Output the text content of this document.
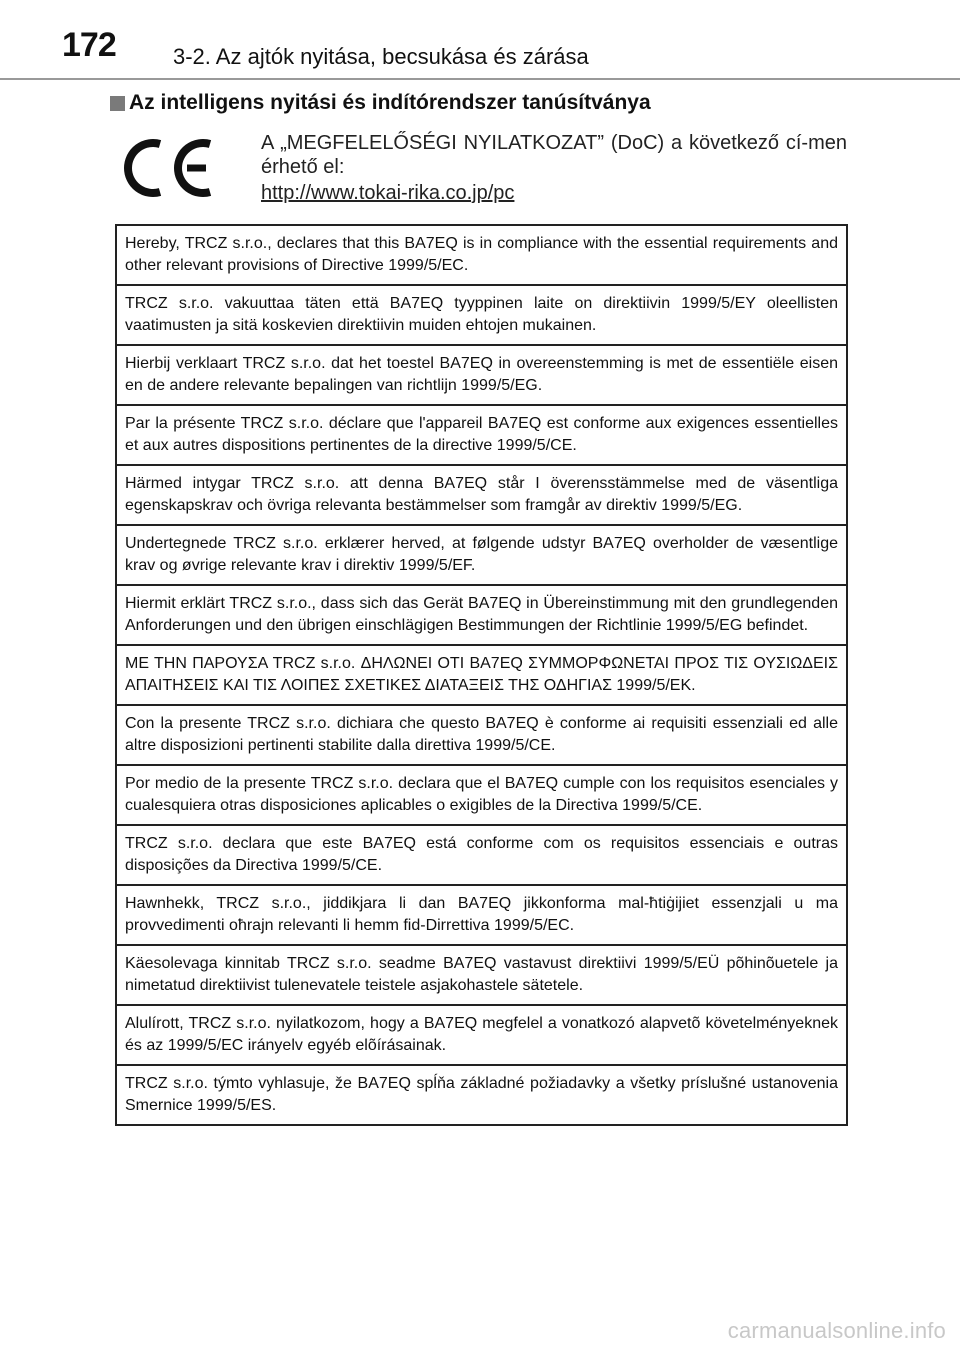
172	3-2. Az ajtók nyitása, becsukása és zárása
Az intelligens nyitási és indítórendszer tanúsítványa
A „MEGFELELŐSÉGI NYILATKOZAT” (DoC) a következő cí-men érhető el:
http://www.tokai-rika.co.jp/pc
Hereby, TRCZ s.r.o., declares that this BA7EQ is in compliance with the essential requirements and other relevant provisions of Directive 1999/5/EC.
TRCZ s.r.o. vakuuttaa täten että BA7EQ tyyppinen laite on direktiivin 1999/5/EY oleellisten vaatimusten ja sitä koskevien direktiivin muiden ehtojen mukainen.
Hierbij verklaart TRCZ s.r.o. dat het toestel BA7EQ in overeenstemming is met de essentiële eisen en de andere relevante bepalingen van richtlijn 1999/5/EG.
Par la présente TRCZ s.r.o. déclare que l'appareil BA7EQ est conforme aux exigences essentielles et aux autres dispositions pertinentes de la directive 1999/5/CE.
Härmed intygar TRCZ s.r.o. att denna BA7EQ står I överensstämmelse med de väsentliga egenskapskrav och övriga relevanta bestämmelser som framgår av direktiv 1999/5/EG.
Undertegnede TRCZ s.r.o. erklærer herved, at følgende udstyr BA7EQ overholder de væsentlige krav og øvrige relevante krav i direktiv 1999/5/EF.
Hiermit erklärt TRCZ s.r.o., dass sich das Gerät BA7EQ in Übereinstimmung mit den grundlegenden Anforderungen und den übrigen einschlägigen Bestimmungen der Richtlinie 1999/5/EG befindet.
ΜΕ ΤΗΝ ΠΑΡΟΥΣΑ TRCZ s.r.o. ΔΗΛΩΝΕΙ ΟΤΙ BA7EQ ΣΥΜΜΟΡΦΩΝΕΤΑΙ ΠΡΟΣ ΤΙΣ ΟΥΣΙΩΔΕΙΣ ΑΠΑΙΤΗΣΕΙΣ ΚΑΙ ΤΙΣ ΛΟΙΠΕΣ ΣΧΕΤΙΚΕΣ ΔΙΑΤΑΞΕΙΣ ΤΗΣ ΟΔΗΓΙΑΣ 1999/5/ΕΚ.
Con la presente TRCZ s.r.o. dichiara che questo BA7EQ è conforme ai requisiti essenziali ed alle altre disposizioni pertinenti stabilite dalla direttiva 1999/5/CE.
Por medio de la presente TRCZ s.r.o. declara que el BA7EQ cumple con los requisitos esenciales y cualesquiera otras disposiciones aplicables o exigibles de la Directiva 1999/5/CE.
TRCZ s.r.o. declara que este BA7EQ está conforme com os requisitos essenciais e outras disposições da Directiva 1999/5/CE.
Hawnhekk, TRCZ s.r.o., jiddikjara li dan BA7EQ jikkonforma mal-ħtiġijiet essenzjali u ma provvedimenti oħrajn relevanti li hemm fid-Dirrettiva 1999/5/EC.
Käesolevaga kinnitab TRCZ s.r.o. seadme BA7EQ vastavust direktiivi 1999/5/EÜ põhinõuetele ja nimetatud direktiivist tulenevatele teistele asjakohastele sätetele.
Alulírott, TRCZ s.r.o. nyilatkozom, hogy a BA7EQ megfelel a vonatkozó alapvetõ követelményeknek és az 1999/5/EC irányelv egyéb elõírásainak.
TRCZ s.r.o. týmto vyhlasuje, že BA7EQ spĺňa základné požiadavky a všetky príslušné ustanovenia Smernice 1999/5/ES.
carmanualsonline.info
